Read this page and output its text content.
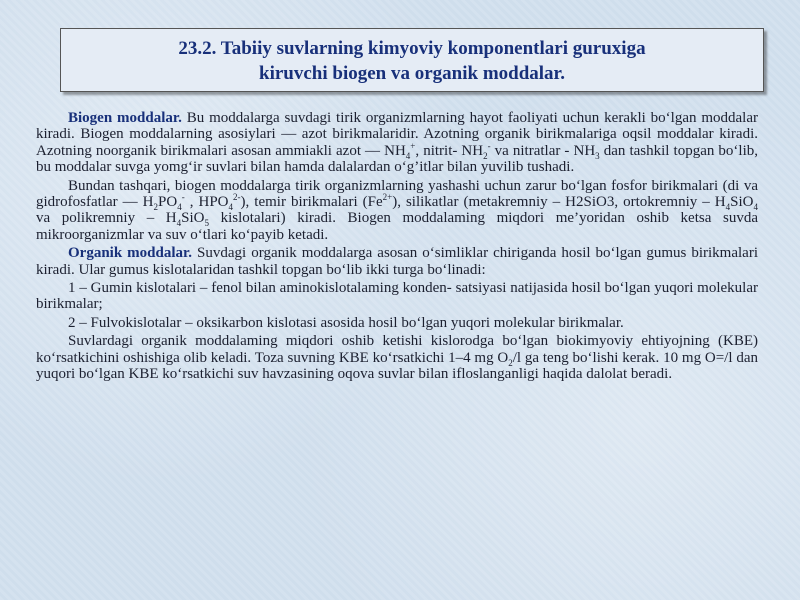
23.2. Tabiiy suvlarning kimyoviy komponentlari guruxiga
kiruvchi biogen va organik moddalar.

Biogen moddalar. Bu moddalarga suvdagi tirik organizmlarning hayot faoliyati uchun kerakli bo‘lgan moddalar kiradi. Biogen moddalarning asosiylari — azot birikmalaridir. Azotning organik birikmalariga oqsil moddalar kiradi. Azotning noorganik birikmalari asosan ammiakli azot — $NH_4^+$, nitrit- $NH_2^-$ va nitratlar - $NH_3$ dan tashkil topgan bo‘lib, bu moddalar suvga yomg‘ir suvlari bilan hamda dalalardan o‘g’itlar bilan yuvilib tushadi.

Bundan tashqari, biogen moddalarga tirik organizmlarning yashashi uchun zarur bo‘lgan fosfor birikmalari (di va gidrofosfatlar — $H_2PO_4^-$ , $HPO_4^{2-}$), temir birikmalari $(Fe^{2+})$, silikatlar (metakremniy – H2SiO3, ortokremniy – $H_4SiO_4$ va polikremniy – $H_4SiO_5$ kislotalari) kiradi. Biogen moddalaming miqdori me’yoridan oshib ketsa suvda mikroorganizmlar va suv o‘tlari ko‘payib ketadi.

Organik moddalar. Suvdagi organik moddalarga asosan o‘simliklar chiriganda hosil bo‘lgan gumus birikmalari kiradi. Ular gumus kislotalaridan tashkil topgan bo‘lib ikki turga bo‘linadi:

1 – Gumin kislotalari – fenol bilan aminokislotalaming konden- satsiyasi natijasida hosil bo‘lgan yuqori molekular birikmalar;

2 – Fulvokislotalar – oksikarbon kislotasi asosida hosil bo‘lgan yuqori molekular birikmalar.

Suvlardagi organik moddalaming miqdori oshib ketishi kislorodga bo‘lgan biokimyoviy ehtiyojning (KBE) ko‘rsatkichini oshishiga olib keladi. Toza suvning KBE ko‘rsatkichi 1–4 mg $O_2/l$ ga teng bo‘lishi kerak. 10 mg O=/l dan yuqori bo‘lgan KBE ko‘rsatkichi suv havzasining oqova suvlar bilan ifloslanganligi haqida dalolat beradi.
